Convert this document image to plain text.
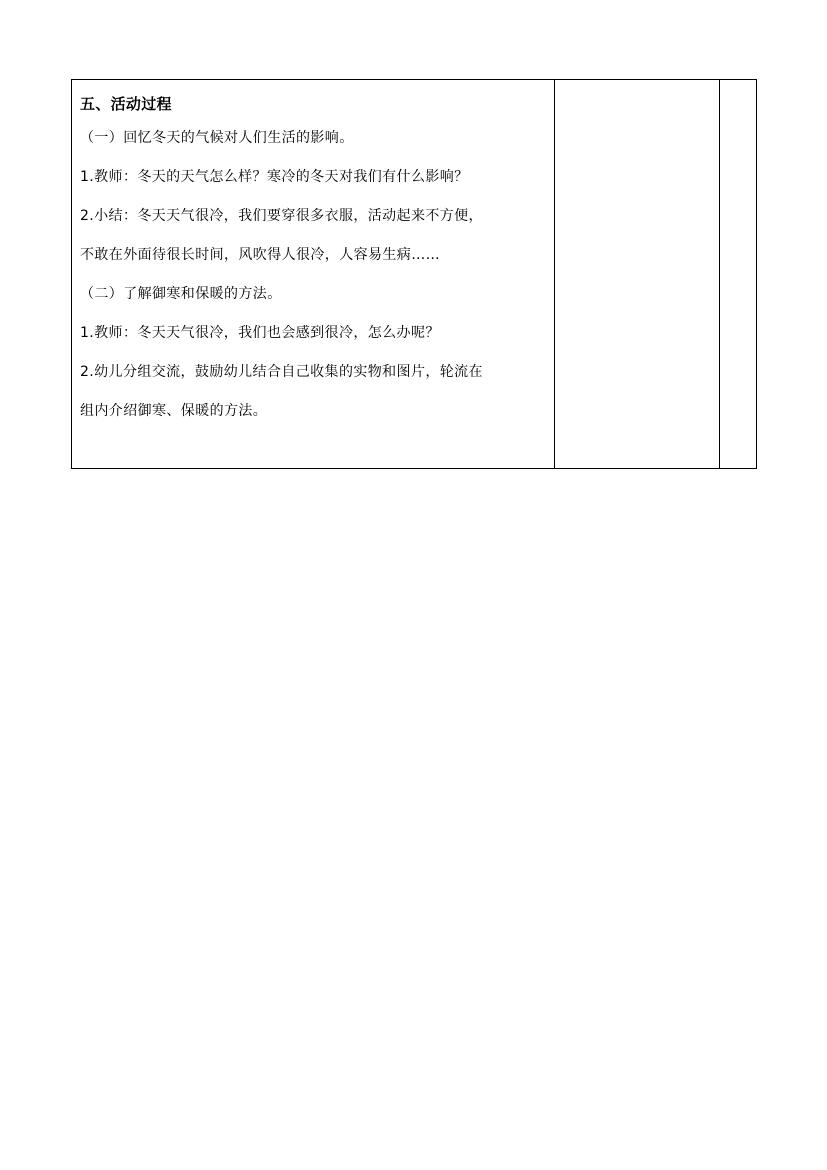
五、活动过程
（一）回忆冬天的气候对人们生活的影响。
1.教师：冬天的天气怎么样？寒冷的冬天对我们有什么影响？
2.小结：冬天天气很冷，我们要穿很多衣服，活动起来不方便，
不敢在外面待很长时间，风吹得人很冷，人容易生病……
（二）了解御寒和保暖的方法。
1.教师：冬天天气很冷，我们也会感到很冷，怎么办呢？
2.幼儿分组交流，鼓励幼儿结合自己收集的实物和图片，轮流在
组内介绍御寒、保暖的方法。
